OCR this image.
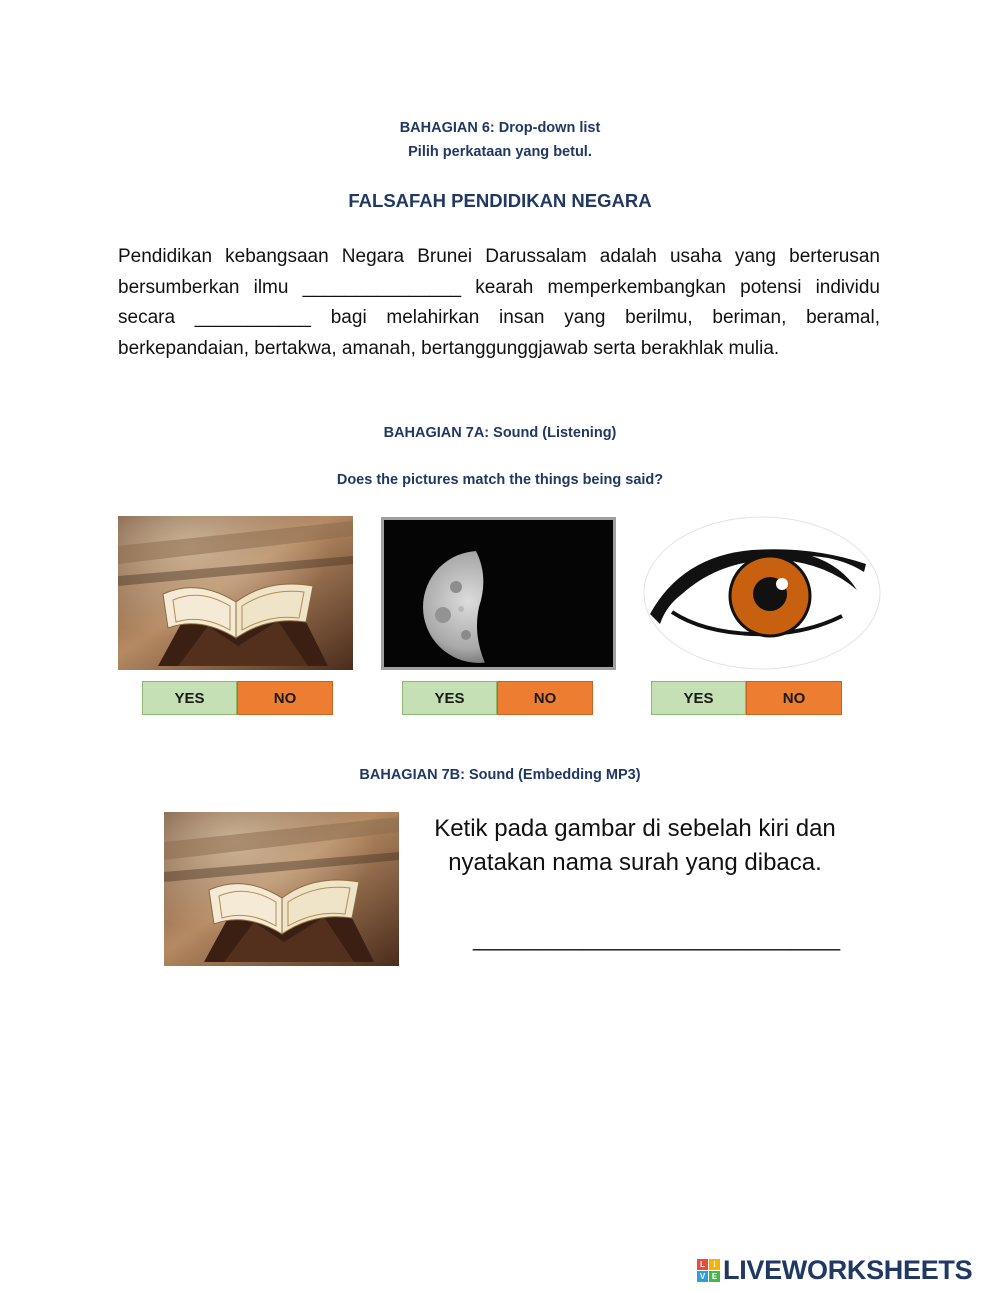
BAHAGIAN 6: Drop-down list
Pilih perkataan yang betul.
FALSAFAH PENDIDIKAN NEGARA
Pendidikan kebangsaan Negara Brunei Darussalam adalah usaha yang berterusan bersumberkan ilmu _______________ kearah memperkembangkan potensi individu secara ___________ bagi melahirkan insan yang berilmu, beriman, beramal, berkepandaian, bertakwa, amanah, bertanggunggjawab serta berakhlak mulia.
BAHAGIAN 7A: Sound (Listening)
Does the pictures match the things being said?
YES	NO	YES	NO	YES	NO
BAHAGIAN 7B: Sound (Embedding MP3)
Ketik pada gambar di sebelah kiri dan
nyatakan nama surah yang dibaca.
______________________________
L	I
V E LIVEWORKSHEETS
